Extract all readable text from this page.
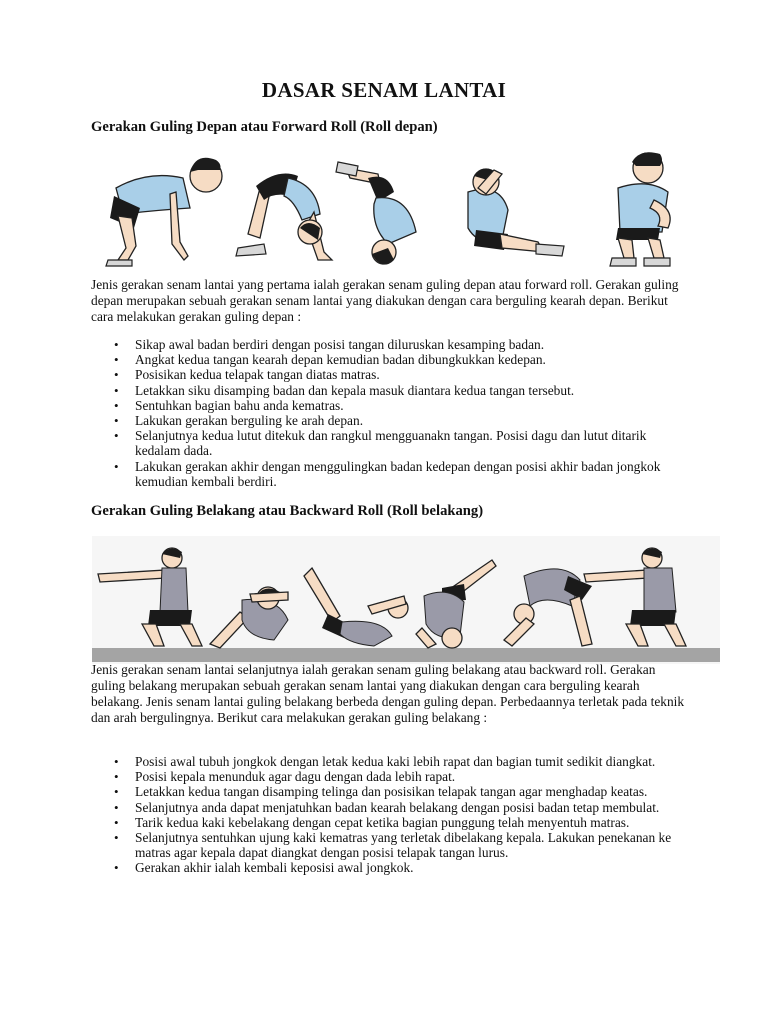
DASAR SENAM LANTAI
Gerakan Guling Depan atau Forward Roll (Roll depan)

Jenis gerakan senam lantai yang pertama ialah gerakan senam guling depan atau forward roll. Gerakan guling depan merupakan sebuah gerakan senam lantai yang diakukan dengan cara berguling kearah depan. Berikut cara melakukan gerakan guling depan :

• Sikap awal badan berdiri dengan posisi tangan diluruskan kesamping badan.
• Angkat kedua tangan kearah depan kemudian badan dibungkukkan kedepan.
• Posisikan kedua telapak tangan diatas matras.
• Letakkan siku disamping badan dan kepala masuk diantara kedua tangan tersebut.
• Sentuhkan bagian bahu anda kematras.
• Lakukan gerakan berguling ke arah depan.
• Selanjutnya kedua lutut ditekuk dan rangkul mengguanakn tangan. Posisi dagu dan lutut ditarik kedalam dada.
• Lakukan gerakan akhir dengan menggulingkan badan kedepan dengan posisi akhir badan jongkok kemudian kembali berdiri.
Gerakan Guling Belakang atau Backward Roll (Roll belakang)

Jenis gerakan senam lantai selanjutnya ialah gerakan senam guling belakang atau backward roll. Gerakan guling belakang merupakan sebuah gerakan senam lantai yang diakukan dengan cara berguling kearah belakang. Jenis senam lantai guling belakang berbeda dengan guling depan. Perbedaannya terletak pada teknik dan arah bergulingnya. Berikut cara melakukan gerakan guling belakang :

• Posisi awal tubuh jongkok dengan letak kedua kaki lebih rapat dan bagian tumit sedikit diangkat.
• Posisi kepala menunduk agar dagu dengan dada lebih rapat.
• Letakkan kedua tangan disamping telinga dan posisikan telapak tangan agar menghadap keatas.
• Selanjutnya anda dapat menjatuhkan badan kearah belakang dengan posisi badan tetap membulat.
• Tarik kedua kaki kebelakang dengan cepat ketika bagian punggung telah menyentuh matras.
• Selanjutnya sentuhkan ujung kaki kematras yang terletak dibelakang kepala. Lakukan penekanan ke matras agar kepala dapat diangkat dengan posisi telapak tangan lurus.
• Gerakan akhir ialah kembali keposisi awal jongkok.
